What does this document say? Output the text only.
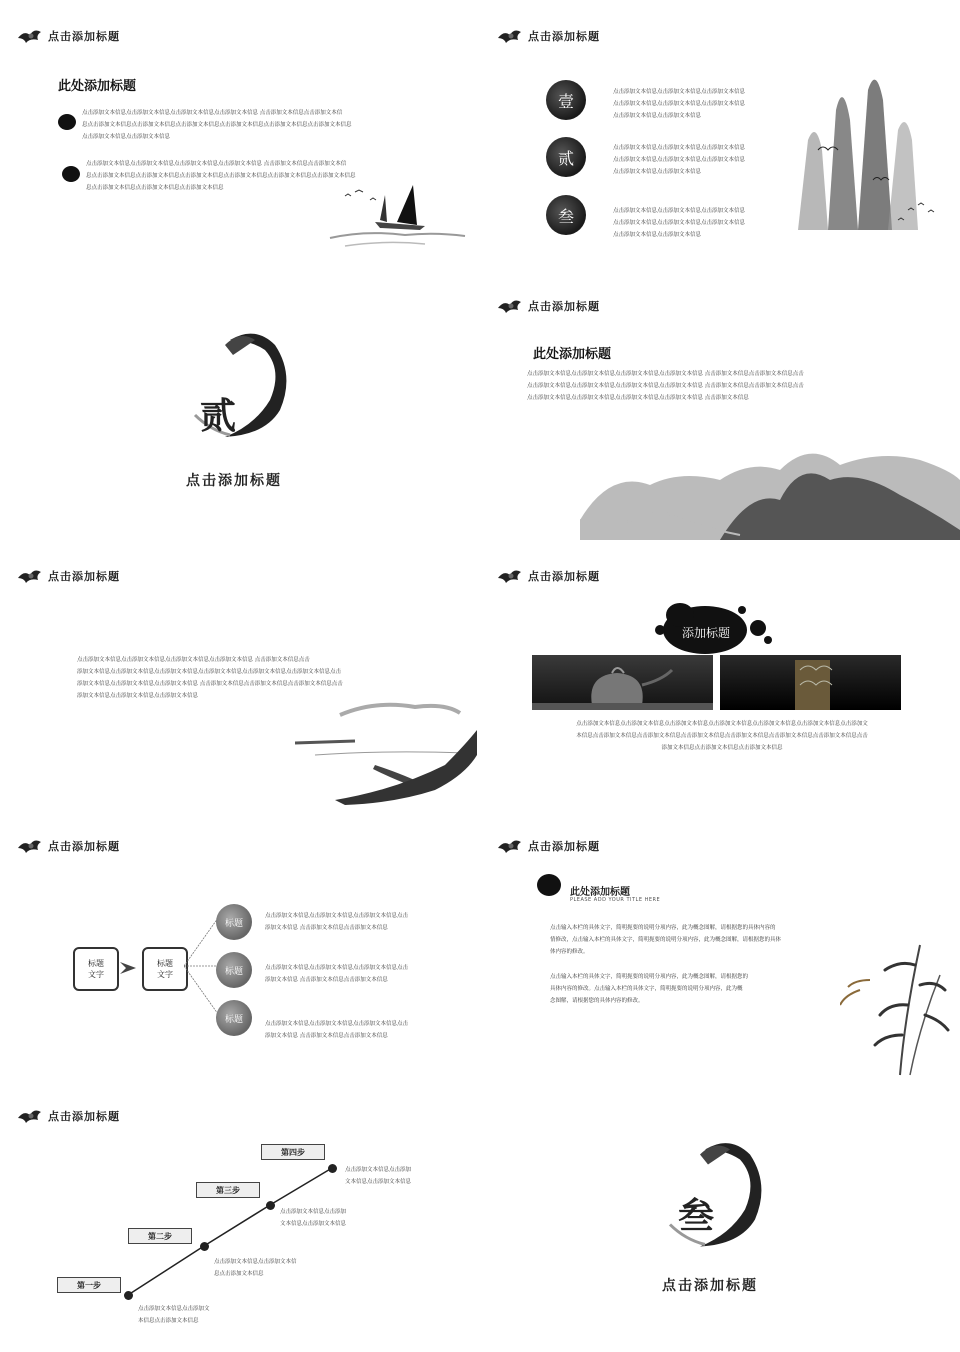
点击添加标题
此处添加标题
点击添加文本信息点击添加文本信息点击添加文本信息点击添加文本信息 点击添加文本信息点击添加文本信
息点击添加文本信息点击添加文本信息点击添加文本信息点击添加文本信息点击添加文本信息点击添加文本信息
点击添加文本信息点击添加文本信息
点击添加文本信息点击添加文本信息点击添加文本信息点击添加文本信息 点击添加文本信息点击添加文本信
息点击添加文本信息点击添加文本信息点击添加文本信息点击添加文本信息点击添加文本信息点击添加文本信息
息点击添加文本信息点击添加文本信息点击添加文本信息
点击添加标题
壹	点击添加文本信息点击添加文本信息点击添加文本信息
点击添加文本信息点击添加文本信息点击添加文本信息
点击添加文本信息点击添加文本信息
贰
点击添加文本信息点击添加文本信息点击添加文本信息
点击添加文本信息点击添加文本信息点击添加文本信息
点击添加文本信息点击添加文本信息
叁	点击添加文本信息点击添加文本信息点击添加文本信息
点击添加文本信息点击添加文本信息点击添加文本信息
点击添加文本信息点击添加文本信息
贰
点击添加标题
点击添加标题
此处添加标题
点击添加文本信息点击添加文本信息点击添加文本信息点击添加文本信息 点击添加文本信息点击添加文本信息点击
点击添加文本信息点击添加文本信息点击添加文本信息点击添加文本信息 点击添加文本信息点击添加文本信息点击
点击添加文本信息点击添加文本信息点击添加文本信息点击添加文本信息 点击添加文本信息
点击添加标题
点击添加文本信息点击添加文本信息点击添加文本信息点击添加文本信息 点击添加文本信息点击
添加文本信息点击添加文本信息点击添加文本信息点击添加文本信息点击添加文本信息点击添加文本信息点击
添加文本信息点击添加文本信息点击添加文本信息 点击添加文本信息点击添加文本信息点击添加文本信息点击
添加文本信息点击添加文本信息点击添加文本信息
点击添加标题
添加标题
点击添加文本信息点击添加文本信息点击添加文本信息点击添加文本信息点击添加文本信息点击添加文本信息点击添加文
本信息点击添加文本信息点击添加文本信息点击添加文本信息点击添加文本信息点击添加文本信息点击添加文本信息点击
添加文本信息点击添加文本信息点击添加文本信息
点击添加标题
标题
文字
标题
文字
标题
点击添加文本信息点击添加文本信息点击添加文本信息点击
添加文本信息 点击添加文本信息点击添加文本信息
标题	点击添加文本信息点击添加文本信息点击添加文本信息点击
添加文本信息 点击添加文本信息点击添加文本信息
标题	点击添加文本信息点击添加文本信息点击添加文本信息点击
添加文本信息 点击添加文本信息点击添加文本信息
点击添加标题
此处添加标题
PLEASE ADD YOUR TITLE HERE
点击输入本栏的具体文字，简明扼要的说明分项内容，此为概念图解，请根据您的具体内容的
情修改，点击输入本栏的具体文字，简明扼要的说明分项内容，此为概念图解，请根据您的具体
体内容的修改。
点击输入本栏的具体文字，简明扼要的说明分项内容，此为概念图解，请根据您的
具体内容的修改。点击输入本栏的具体文字，简明扼要的说明分项内容，此为概
念图解，请根据您的具体内容的修改。
点击添加标题
第一步
第二步
第三步
第四步
点击添加文本信息点击添加文
本信息点击添加文本信息
点击添加文本信息点击添加文本信
息点击添加文本信息
点击添加文本信息点击添加
文本信息点击添加文本信息
点击添加文本信息点击添加
文本信息点击添加文本信息
叁
点击添加标题
